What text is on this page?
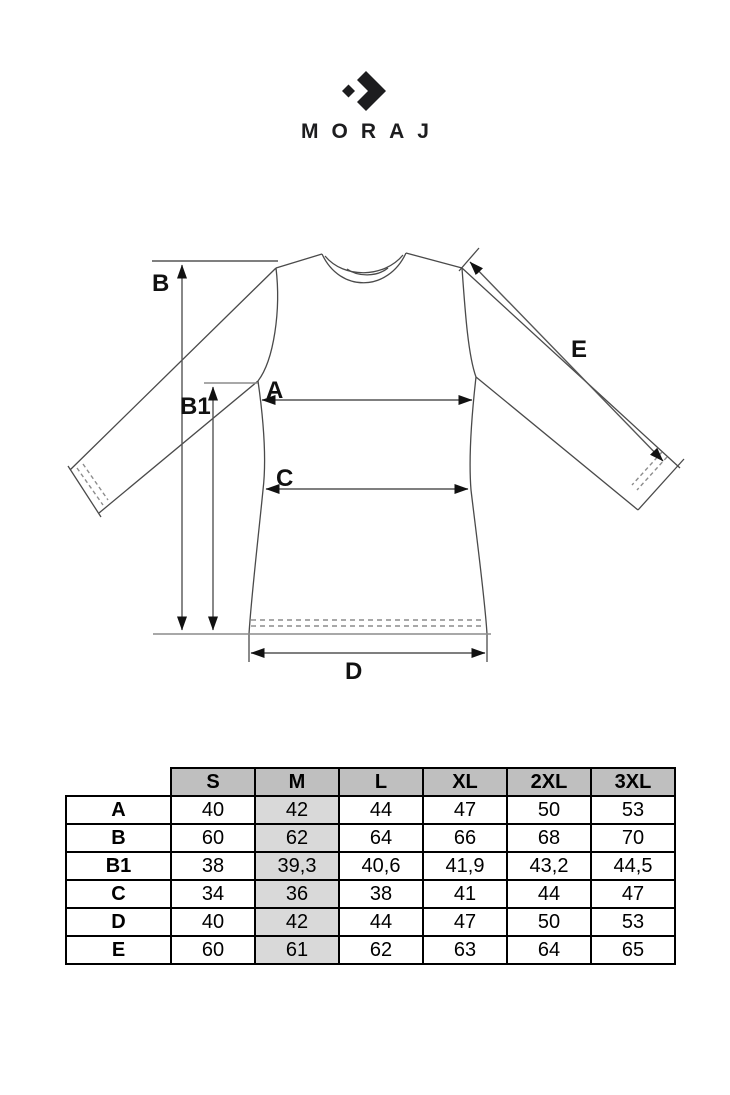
MORAJ
B
B1
A
C
D
E
	S	M	L	XL	2XL	3XL
A	40	42	44	47	50	53
B	60	62	64	66	68	70
B1	38	39,3	40,6	41,9	43,2	44,5
C	34	36	38	41	44	47
D	40	42	44	47	50	53
E	60	61	62	63	64	65
